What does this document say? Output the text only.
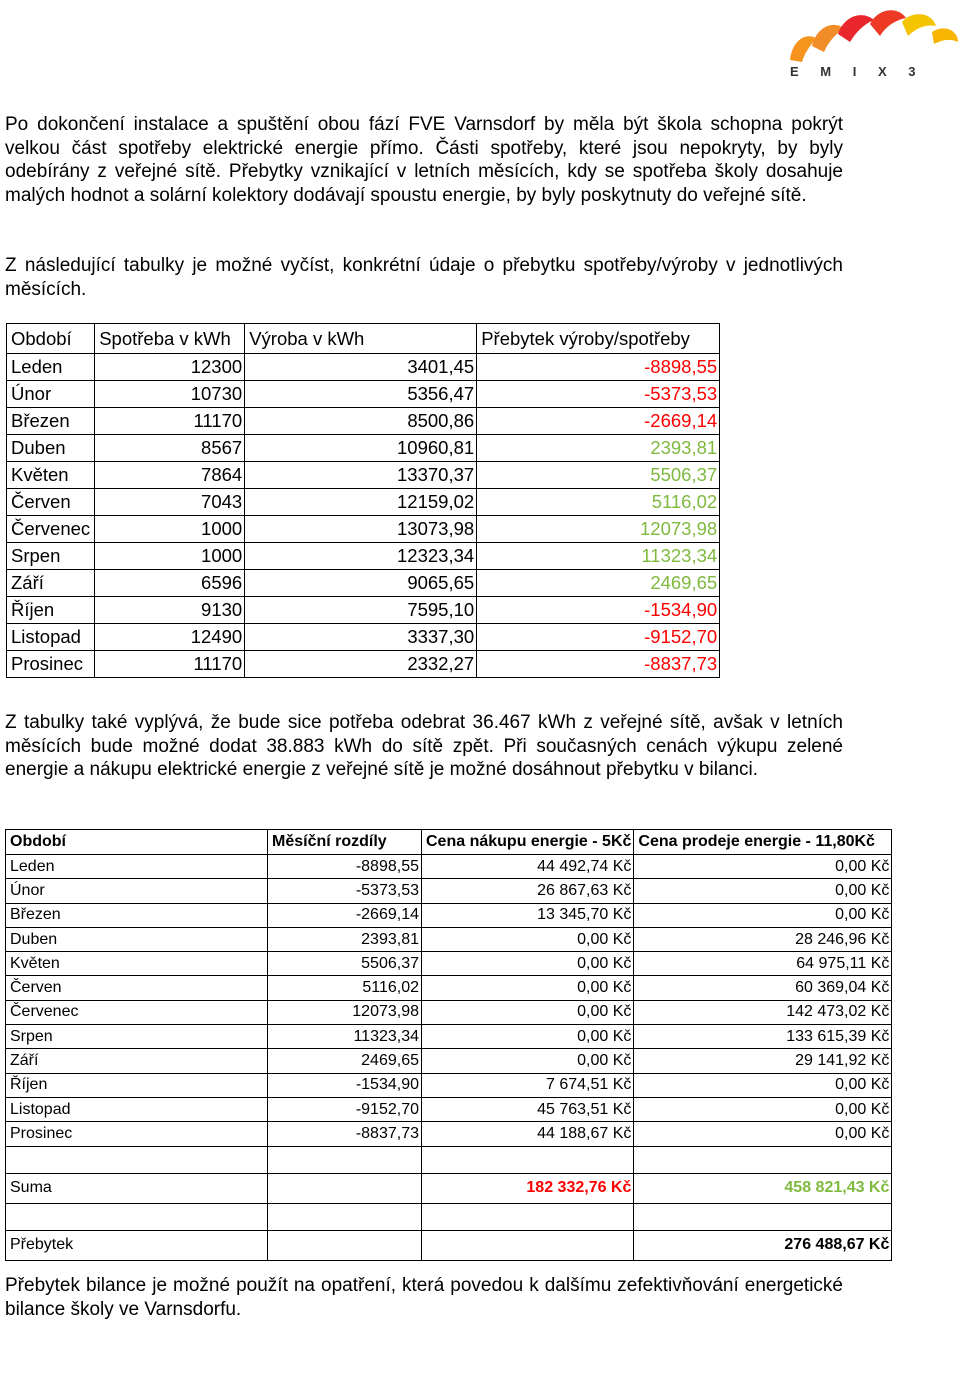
E M I X 3

Po dokončení instalace a spuštění obou fází FVE Varnsdorf by měla být škola schopna pokrýt velkou část spotřeby elektrické energie přímo. Části spotřeby, které jsou nepokryty, by byly odebírány z veřejné sítě. Přebytky vznikající v letních měsících, kdy se spotřeba školy dosahuje malých hodnot a solární kolektory dodávají spoustu energie, by byly poskytnuty do veřejné sítě.

Z následující tabulky je možné vyčíst, konkrétní údaje o přebytku spotřeby/výroby v jednotlivých měsících.

Období	Spotřeba v kWh	Výroba v kWh	Přebytek výroby/spotřeby
Leden	12300	3401,45	-8898,55
Únor	10730	5356,47	-5373,53
Březen	11170	8500,86	-2669,14
Duben	8567	10960,81	2393,81
Květen	7864	13370,37	5506,37
Červen	7043	12159,02	5116,02
Červenec	1000	13073,98	12073,98
Srpen	1000	12323,34	11323,34
Září	6596	9065,65	2469,65
Říjen	9130	7595,10	-1534,90
Listopad	12490	3337,30	-9152,70
Prosinec	11170	2332,27	-8837,73

Z tabulky také vyplývá, že bude sice potřeba odebrat 36.467 kWh z veřejné sítě, avšak v letních měsících bude možné dodat 38.883 kWh do sítě zpět. Při současných cenách výkupu zelené energie a nákupu elektrické energie z veřejné sítě je možné dosáhnout přebytku v bilanci.

Období	Měsíční rozdíly	Cena nákupu energie - 5Kč	Cena prodeje energie - 11,80Kč
Leden	-8898,55	44 492,74 Kč	0,00 Kč
Únor	-5373,53	26 867,63 Kč	0,00 Kč
Březen	-2669,14	13 345,70 Kč	0,00 Kč
Duben	2393,81	0,00 Kč	28 246,96 Kč
Květen	5506,37	0,00 Kč	64 975,11 Kč
Červen	5116,02	0,00 Kč	60 369,04 Kč
Červenec	12073,98	0,00 Kč	142 473,02 Kč
Srpen	11323,34	0,00 Kč	133 615,39 Kč
Září	2469,65	0,00 Kč	29 141,92 Kč
Říjen	-1534,90	7 674,51 Kč	0,00 Kč
Listopad	-9152,70	45 763,51 Kč	0,00 Kč
Prosinec	-8837,73	44 188,67 Kč	0,00 Kč

Suma		182 332,76 Kč	458 821,43 Kč

Přebytek			276 488,67 Kč

Přebytek bilance je možné použít na opatření, která povedou k dalšímu zefektivňování energetické bilance školy ve Varnsdorfu.
